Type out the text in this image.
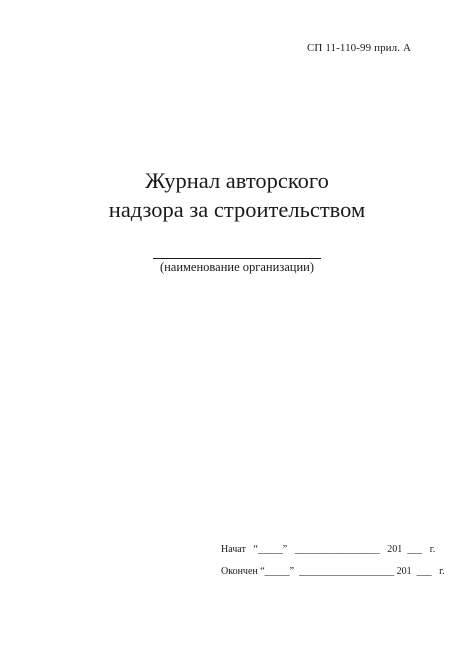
СП 11-110-99 прил. А
Журнал авторского
надзора за строительством
(наименование организации)
Начат   “_____”   _________________   201  ___   г.
Окончен “_____”  ___________________ 201  ___   г.
